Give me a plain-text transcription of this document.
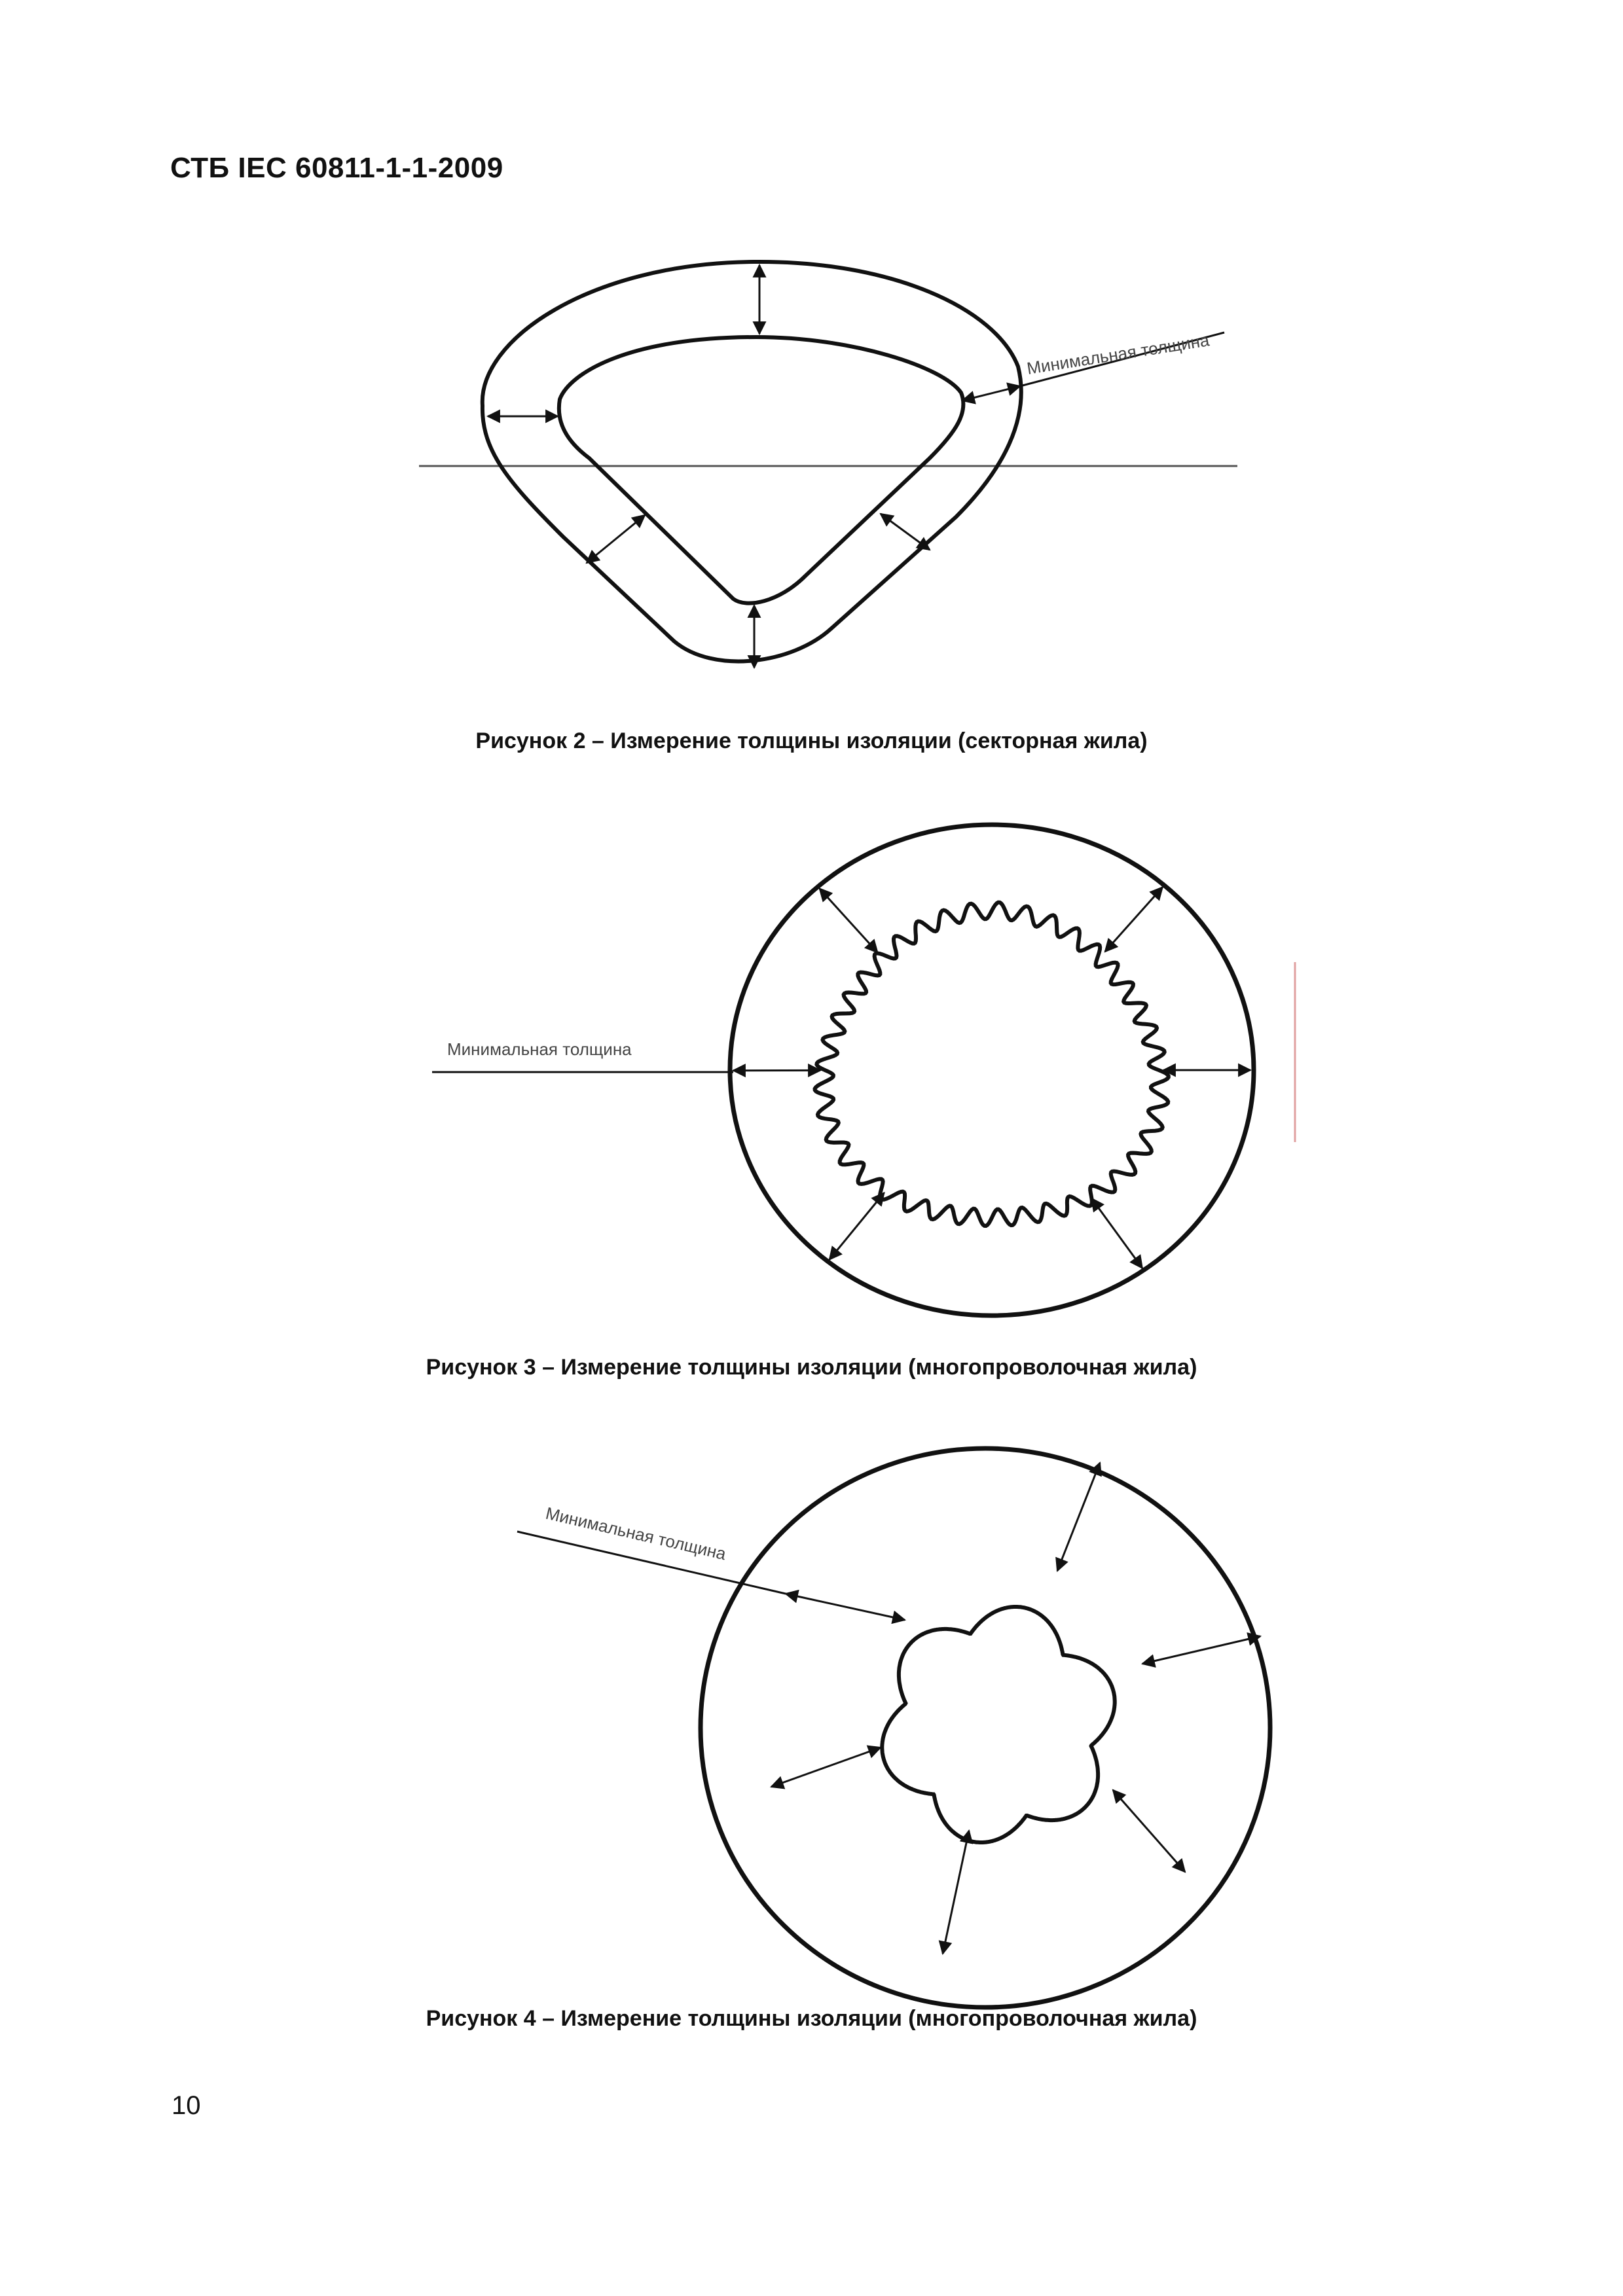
СТБ IEC 60811-1-1-2009
Минимальная толщина
Рисунок 2 – Измерение толщины изоляции (секторная жила)
Минимальная толщина
Рисунок 3 – Измерение толщины изоляции (многопроволочная жила)
Минимальная толщина
Рисунок 4 – Измерение толщины изоляции (многопроволочная жила)
10
